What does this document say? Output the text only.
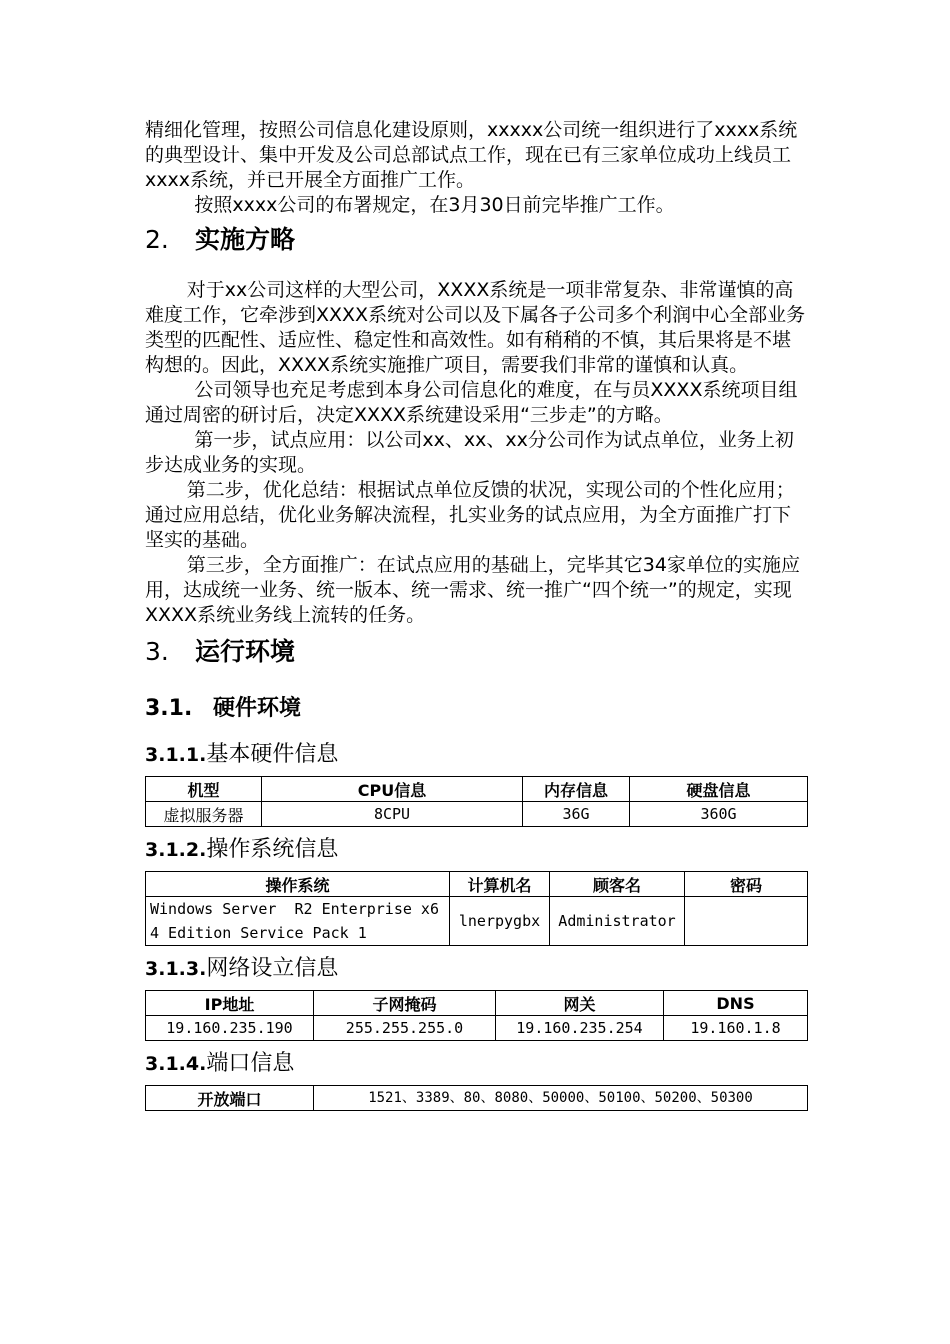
精细化管理，按照公司信息化建设原则，xxxxx公司统一组织进行了xxxx系统的典型设计、集中开发及公司总部试点工作，现在已有三家单位成功上线员工xxxx系统，并已开展全方面推广工作。

按照xxxx公司的布署规定，在3月30日前完毕推广工作。

2. 实施方略

对于xx公司这样的大型公司，XXXX系统是一项非常复杂、非常谨慎的高难度工作，它牵涉到XXXX系统对公司以及下属各子公司多个利润中心全部业务类型的匹配性、适应性、稳定性和高效性。如有稍稍的不慎，其后果将是不堪构想的。因此，XXXX系统实施推广项目，需要我们非常的谨慎和认真。

公司领导也充足考虑到本身公司信息化的难度，在与员XXXX系统项目组通过周密的研讨后，决定XXXX系统建设采用“三步走”的方略。

第一步，试点应用：以公司xx、xx、xx分公司作为试点单位，业务上初步达成业务的实现。

第二步，优化总结：根据试点单位反馈的状况，实现公司的个性化应用；通过应用总结，优化业务解决流程，扎实业务的试点应用，为全方面推广打下坚实的基础。

第三步，全方面推广：在试点应用的基础上，完毕其它34家单位的实施应用，达成统一业务、统一版本、统一需求、统一推广“四个统一”的规定，实现XXXX系统业务线上流转的任务。

3. 运行环境
3.1. 硬件环境
3.1.1.基本硬件信息
机型	CPU信息	内存信息	硬盘信息
虚拟服务器	8CPU	36G	360G
3.1.2.操作系统信息
操作系统	计算机名	顾客名	密码
Windows Server  R2 Enterprise x64 Edition Service Pack 1	lnerpygbx	Administrator	
3.1.3.网络设立信息
IP地址	子网掩码	网关	DNS
19.160.235.190	255.255.255.0	19.160.235.254	19.160.1.8
3.1.4.端口信息
开放端口	1521、3389、80、8080、50000、50100、50200、50300
